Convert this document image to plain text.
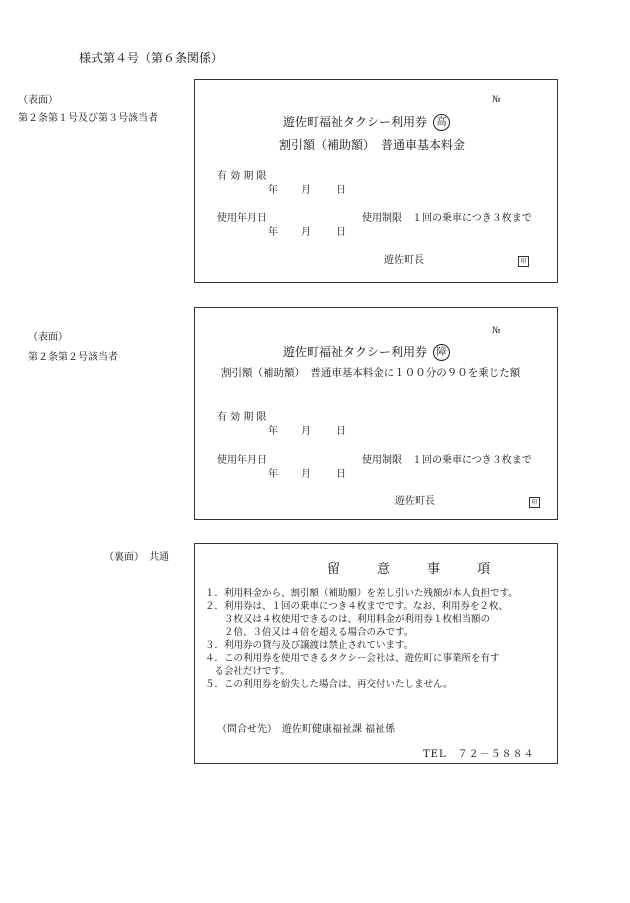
様式第４号（第６条関係）
（表面）
第２条第１号及び第３号該当者
№
遊佐町福祉タクシー利用券 高
割引額（補助額）　普通車基本料金
有 効 期 限
年 月	日
使用年月日	使用制限　１回の乗車につき３枚まで
年 月	日
遊佐町長	印
（表面）
第２条第２号該当者
№
遊佐町福祉タクシー利用券 障
割引額（補助額）　普通車基本料金に１００分の９０を乗じた額
有 効 期 限
年 月	日
使用年月日	使用制限　１回の乗車につき３枚まで
年 月	日
遊佐町長	印
（裏面）　共通
留　意　事　項
１．利用料金から、割引額（補助額）を差し引いた残額が本人負担です。
２．利用券は、１回の乗車につき４枚までです。なお、利用券を２枚、
　　３枚又は４枚使用できるのは、利用料金が利用券１枚相当額の
　　２倍、３倍又は４倍を超える場合のみです。
３．利用券の貸与及び譲渡は禁止されています。
４．この利用券を使用できるタクシー会社は、遊佐町に事業所を有す
　る会社だけです。
５．この利用券を紛失した場合は、再交付いたしません。
（問合せ先）　遊佐町健康福祉課 福祉係
TEL　７２－５８８４
